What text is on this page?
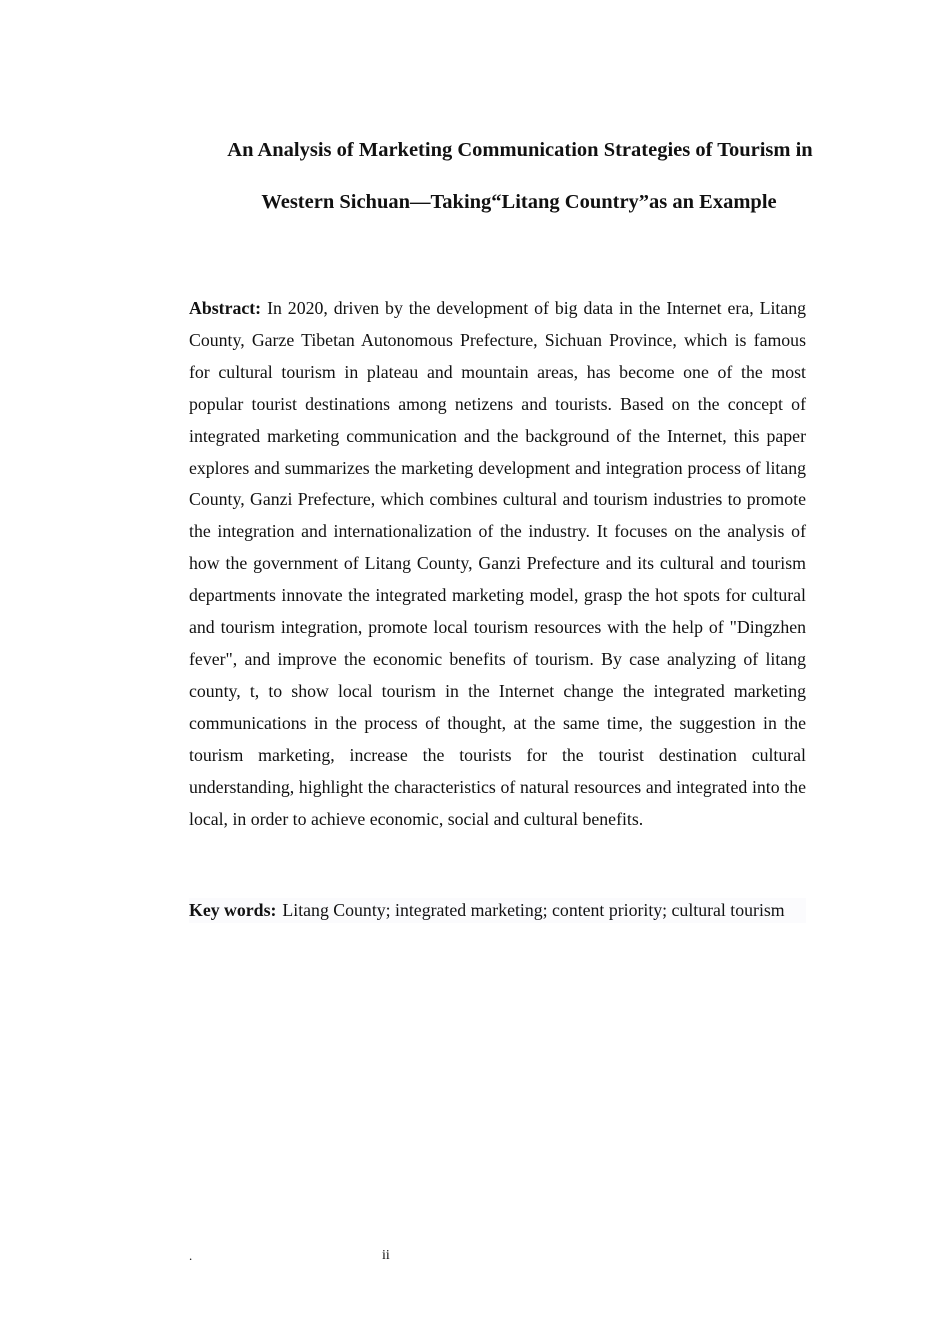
An Analysis of Marketing Communication Strategies of Tourism in
Western Sichuan—Taking“Litang Country”as an Example

Abstract: In 2020, driven by the development of big data in the Internet era, Litang County, Garze Tibetan Autonomous Prefecture, Sichuan Province, which is famous for cultural tourism in plateau and mountain areas, has become one of the most popular tourist destinations among netizens and tourists. Based on the concept of integrated marketing communication and the background of the Internet, this paper explores and summarizes the marketing development and integration process of litang County, Ganzi Prefecture, which combines cultural and tourism industries to promote the integration and internationalization of the industry. It focuses on the analysis of how the government of Litang County, Ganzi Prefecture and its cultural and tourism departments innovate the integrated marketing model, grasp the hot spots for cultural and tourism integration, promote local tourism resources with the help of "Dingzhen fever", and improve the economic benefits of tourism. By case analyzing of litang county, t, to show local tourism in the Internet change the integrated marketing communications in the process of thought, at the same time, the suggestion in the tourism marketing, increase the tourists for the tourist destination cultural understanding, highlight the characteristics of natural resources and integrated into the local, in order to achieve economic, social and cultural benefits.

Key words: Litang County; integrated marketing; content priority; cultural tourism

.	ii
